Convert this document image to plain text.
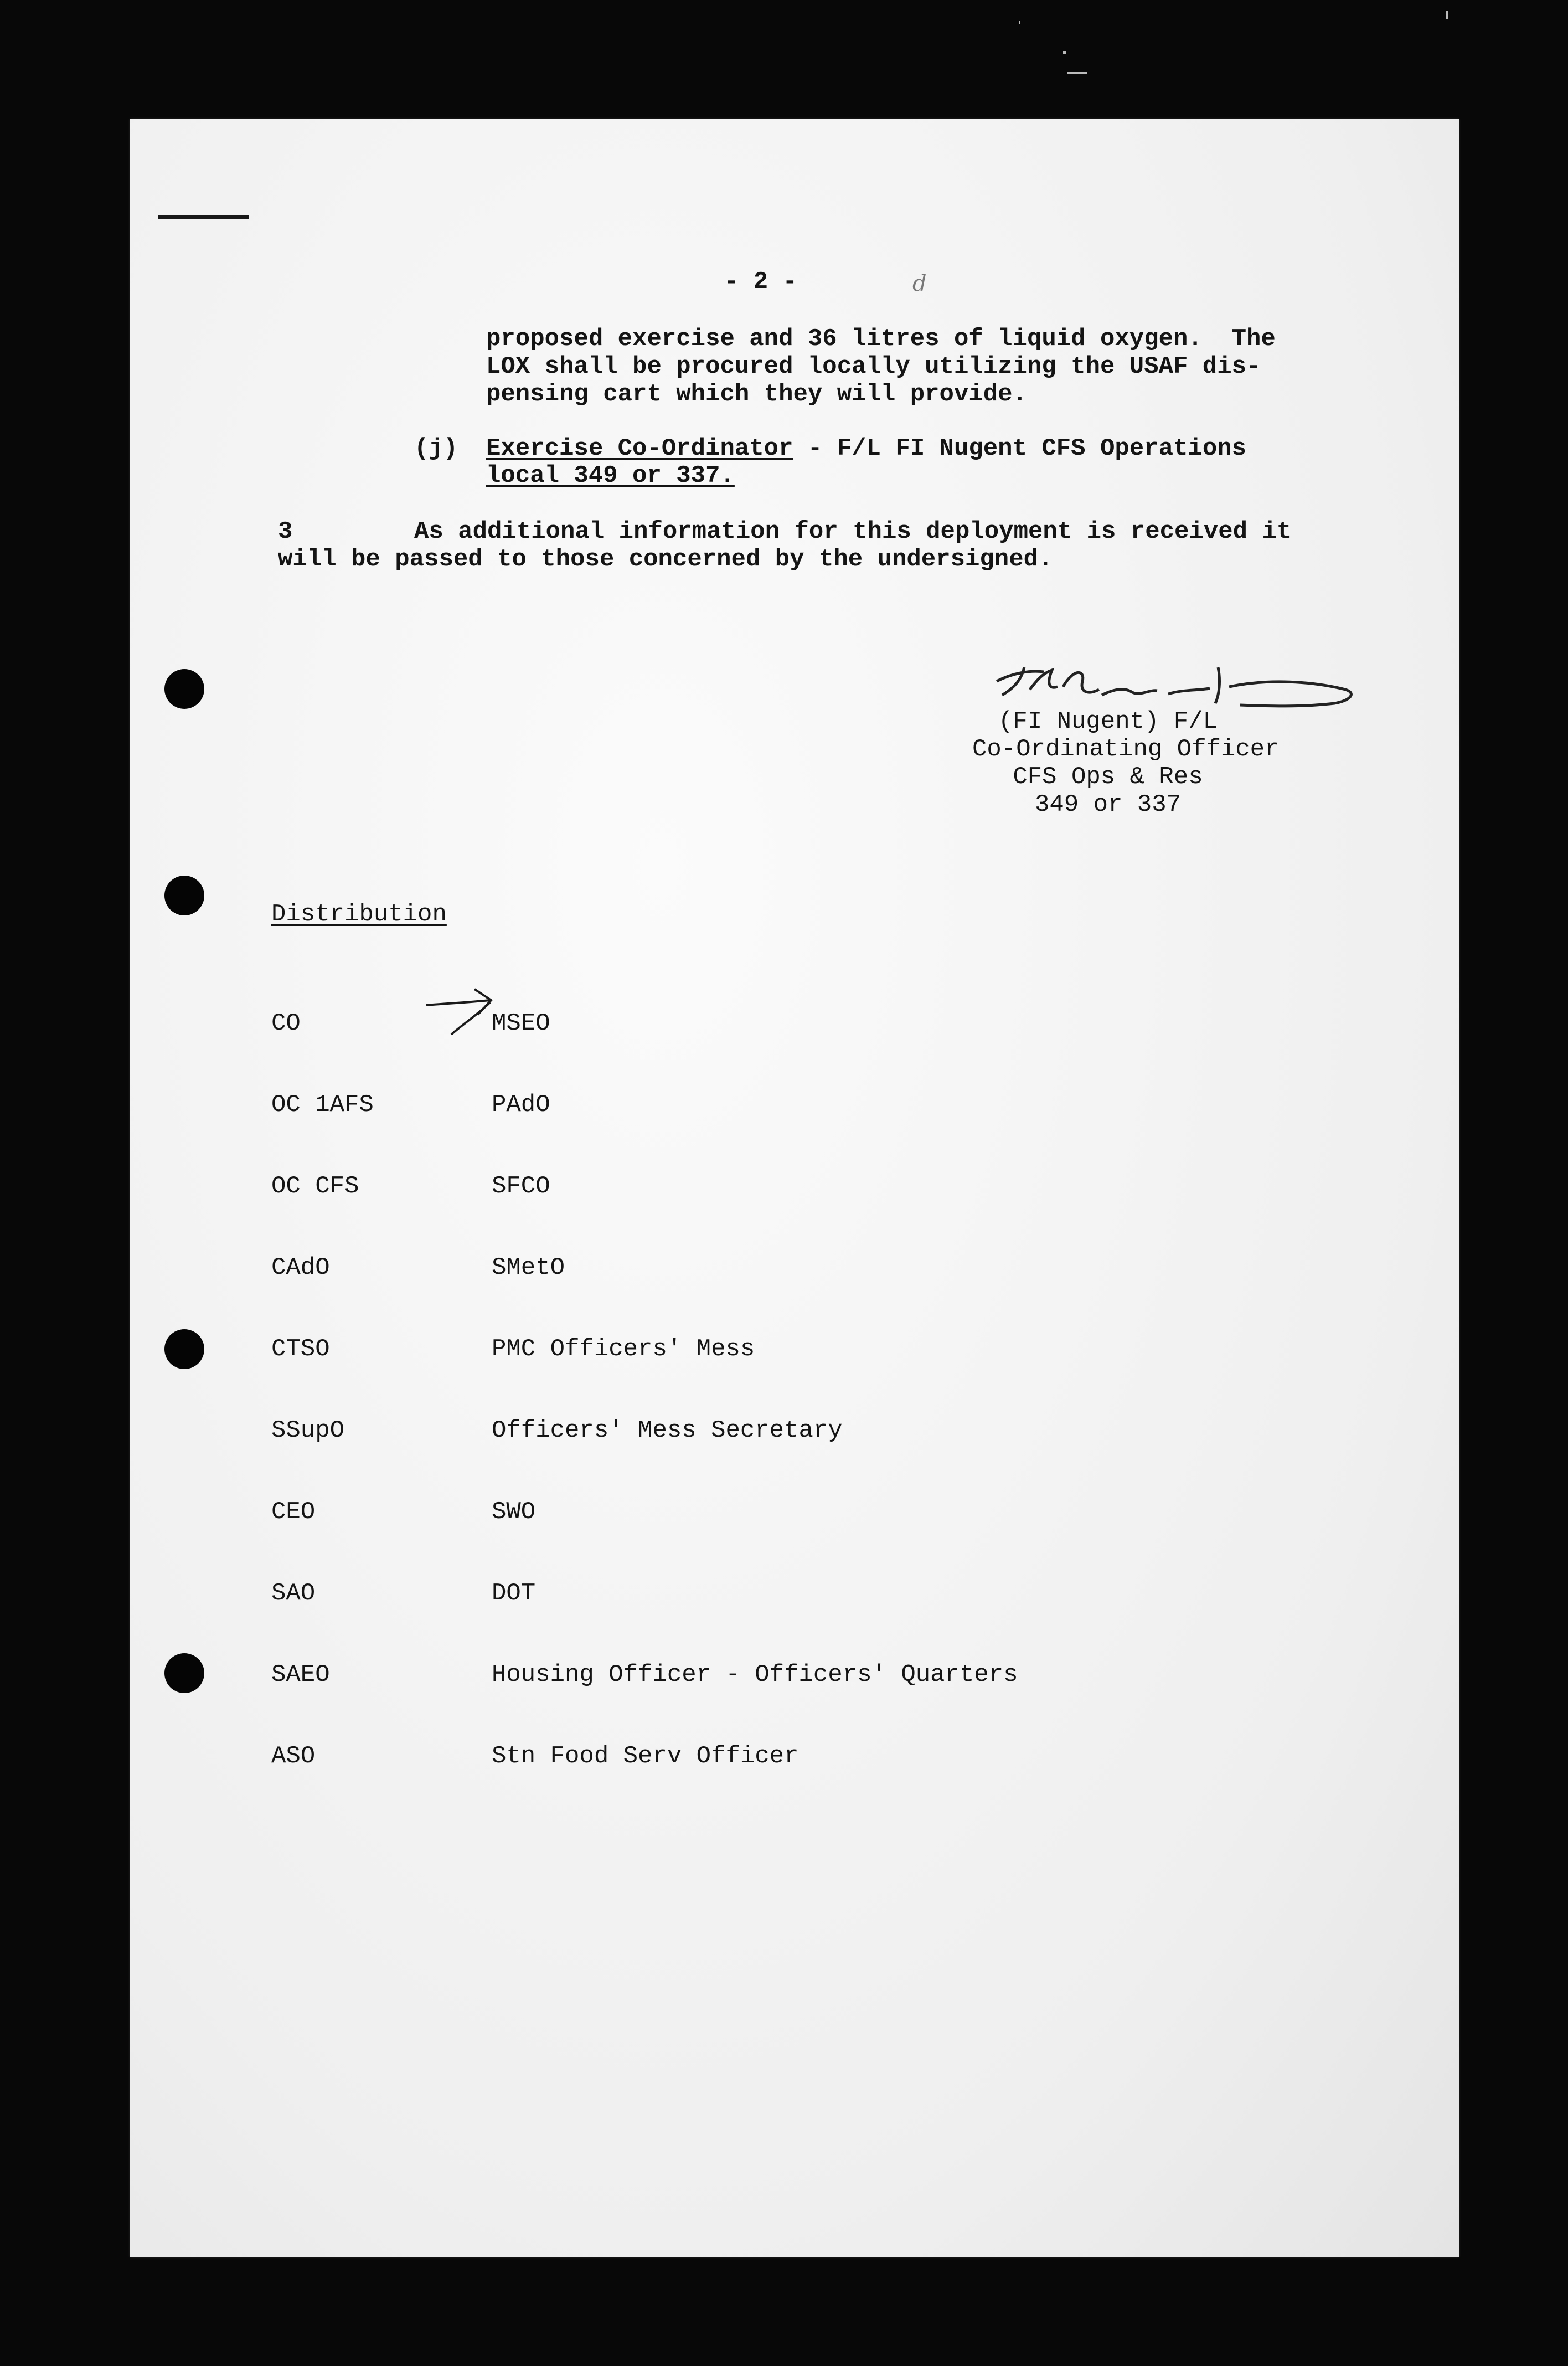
- 2 -	d
proposed exercise and 36 litres of liquid oxygen.  The
LOX shall be procured locally utilizing the USAF dis-
pensing cart which they will provide.
(j) Exercise Co-Ordinator - F/L FI Nugent CFS Operations
local 349 or 337.
3	As additional information for this deployment is received it
will be passed to those concerned by the undersigned.
(FI Nugent) F/L
Co-Ordinating Officer
CFS Ops & Res
349 or 337
Distribution

CO

OC 1AFS

OC CFS

CAdO

CTSO

SSupO

CEO

SAO

SAEO

ASO

MSEO

PAdO

SFCO

SMetO

PMC Officers' Mess

Officers' Mess Secretary

SWO

DOT

Housing Officer - Officers' Quarters

Stn Food Serv Officer
